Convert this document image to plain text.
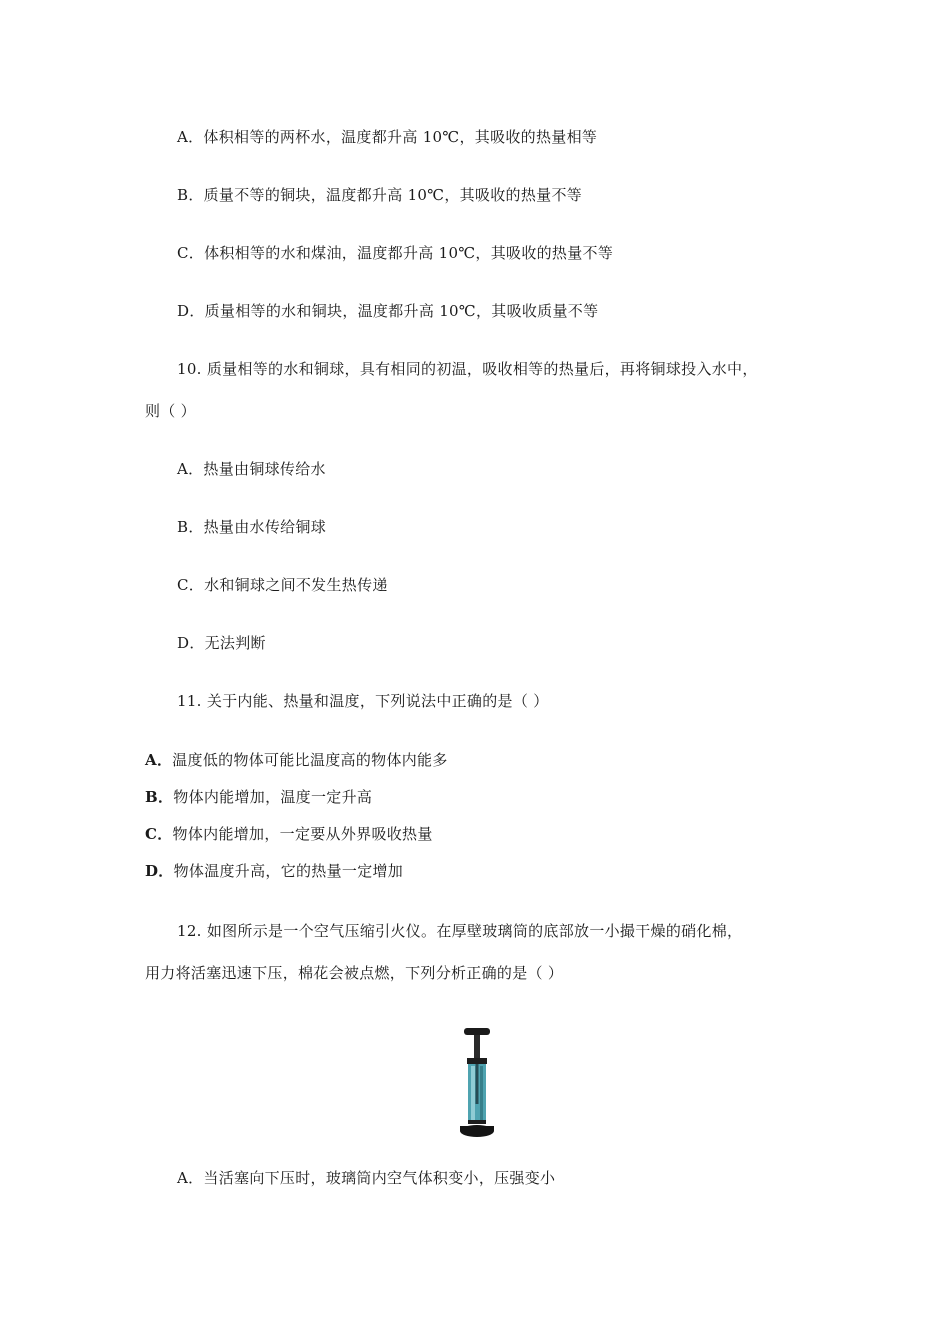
A．体积相等的两杯水，温度都升高 10℃，其吸收的热量相等
B．质量不等的铜块，温度都升高 10℃，其吸收的热量不等
C．体积相等的水和煤油，温度都升高 10℃，其吸收的热量不等
D．质量相等的水和铜块，温度都升高 10℃，其吸收质量不等
10. 质量相等的水和铜球，具有相同的初温，吸收相等的热量后，再将铜球投入水中，
则（ ）
A．热量由铜球传给水
B．热量由水传给铜球
C．水和铜球之间不发生热传递
D．无法判断
11. 关于内能、热量和温度，下列说法中正确的是（ ）
A．温度低的物体可能比温度高的物体内能多
B．物体内能增加，温度一定升高
C．物体内能增加，一定要从外界吸收热量
D．物体温度升高，它的热量一定增加
12. 如图所示是一个空气压缩引火仪。在厚壁玻璃筒的底部放一小撮干燥的硝化棉，
用力将活塞迅速下压，棉花会被点燃，下列分析正确的是（ ）
A．当活塞向下压时，玻璃筒内空气体积变小，压强变小
